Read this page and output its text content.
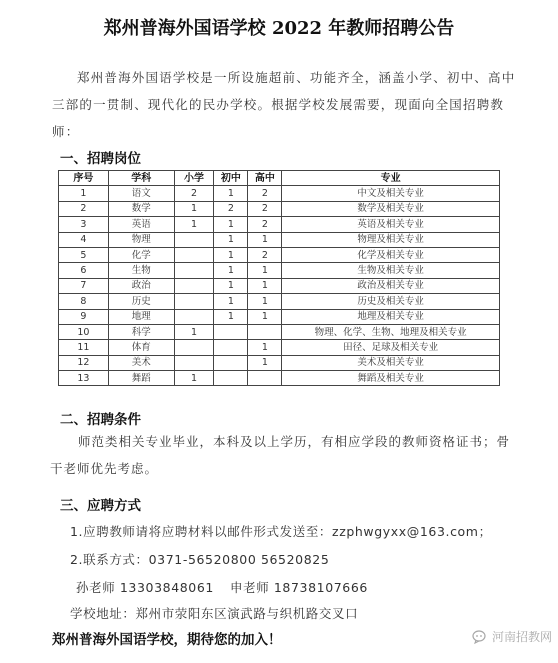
郑州普海外国语学校 2022 年教师招聘公告
郑州普海外国语学校是一所设施超前、功能齐全，涵盖小学、初中、高中三部的一贯制、现代化的民办学校。根据学校发展需要，现面向全国招聘教师：
一、招聘岗位
序号	学科	小学	初中	高中	专业
1	语文	2	1	2	中文及相关专业
2	数学	1	2	2	数学及相关专业
3	英语	1	1	2	英语及相关专业
4	物理		1	1	物理及相关专业
5	化学		1	2	化学及相关专业
6	生物		1	1	生物及相关专业
7	政治		1	1	政治及相关专业
8	历史		1	1	历史及相关专业
9	地理		1	1	地理及相关专业
10	科学	1			物理、化学、生物、地理及相关专业
11	体育			1	田径、足球及相关专业
12	美术			1	美术及相关专业
13	舞蹈	1			舞蹈及相关专业
二、招聘条件
师范类相关专业毕业，本科及以上学历，有相应学段的教师资格证书；骨干老师优先考虑。
三、应聘方式
1.应聘教师请将应聘材料以邮件形式发送至：zzphwgyxx@163.com；
2.联系方式：0371-56520800 56520825
孙老师 13303848061 申老师 18738107666
学校地址：郑州市荥阳东区演武路与织机路交叉口
郑州普海外国语学校，期待您的加入！	河南招教网
